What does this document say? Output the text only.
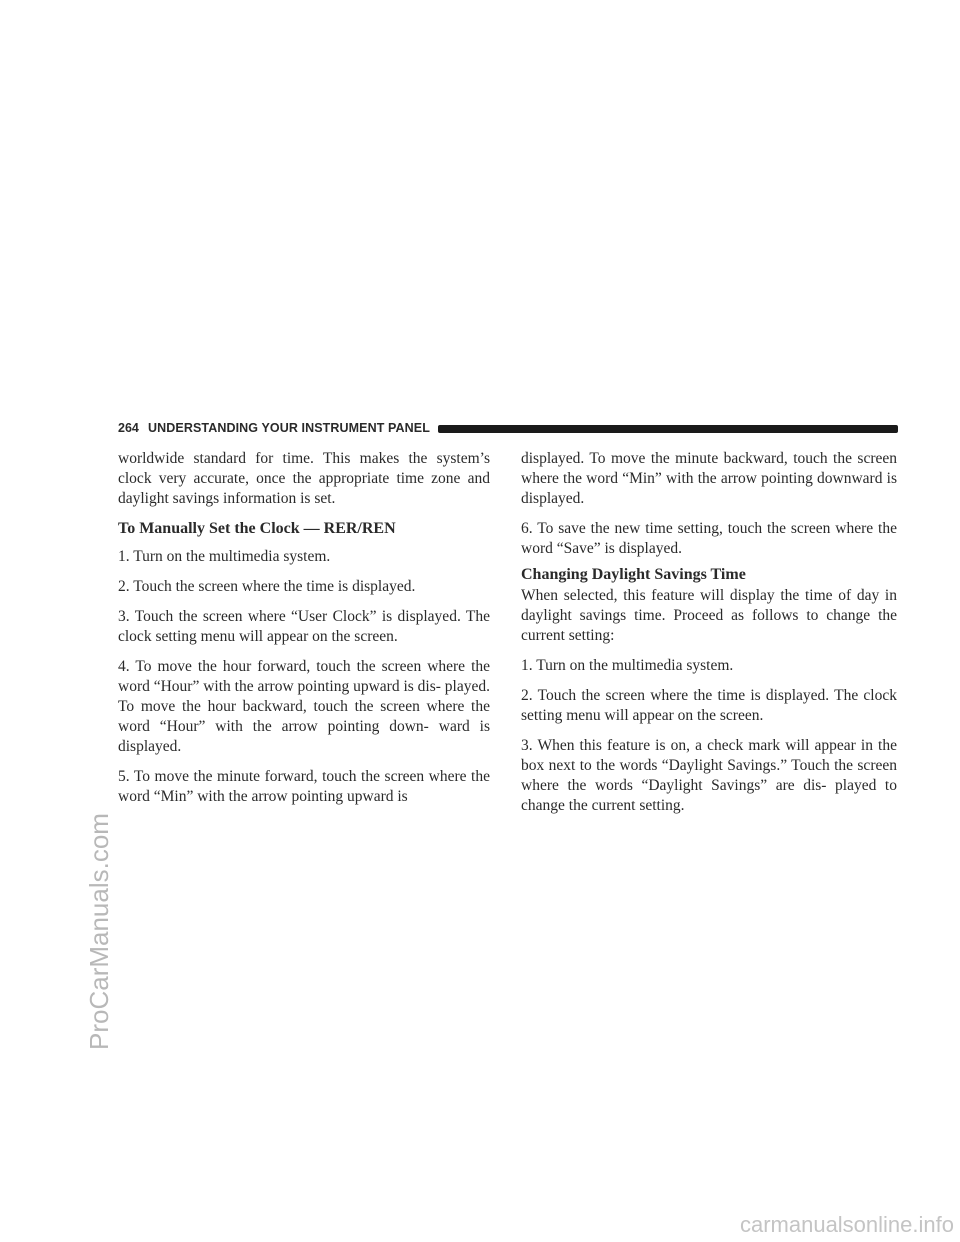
264 UNDERSTANDING YOUR INSTRUMENT PANEL

worldwide standard for time. This makes the system’s clock very accurate, once the appropriate time zone and daylight savings information is set.

To Manually Set the Clock — RER/REN

1. Turn on the multimedia system.

2. Touch the screen where the time is displayed.

3. Touch the screen where “User Clock” is displayed. The clock setting menu will appear on the screen.

4. To move the hour forward, touch the screen where the word “Hour” with the arrow pointing upward is dis- played. To move the hour backward, touch the screen where the word “Hour” with the arrow pointing down- ward is displayed.

5. To move the minute forward, touch the screen where the word “Min” with the arrow pointing upward is

displayed. To move the minute backward, touch the screen where the word “Min” with the arrow pointing downward is displayed.

6. To save the new time setting, touch the screen where the word “Save” is displayed.

Changing Daylight Savings Time

When selected, this feature will display the time of day in daylight savings time. Proceed as follows to change the current setting:

1. Turn on the multimedia system.

2. Touch the screen where the time is displayed. The clock setting menu will appear on the screen.

3. When this feature is on, a check mark will appear in the box next to the words “Daylight Savings.” Touch the screen where the words “Daylight Savings” are dis- played to change the current setting.

ProCarManuals.com
carmanualsonline.info
